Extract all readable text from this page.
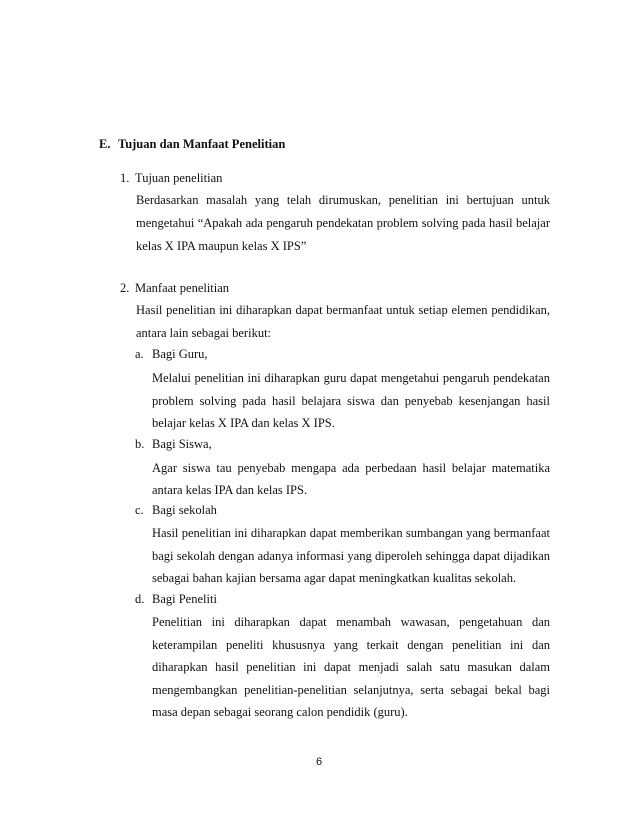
E. Tujuan dan Manfaat Penelitian
1. Tujuan penelitian
Berdasarkan masalah yang telah dirumuskan, penelitian ini bertujuan untuk
mengetahui “Apakah ada pengaruh pendekatan problem solving pada hasil belajar
kelas X IPA maupun kelas X IPS”
2. Manfaat penelitian
Hasil penelitian ini diharapkan dapat bermanfaat untuk setiap elemen pendidikan,
antara lain sebagai berikut:
a. Bagi Guru,
Melalui penelitian ini diharapkan guru dapat mengetahui pengaruh pendekatan
problem solving pada hasil belajara siswa dan penyebab kesenjangan hasil
belajar kelas X IPA dan kelas X IPS.
b. Bagi Siswa,
Agar siswa tau penyebab mengapa ada perbedaan hasil belajar matematika
antara kelas IPA dan kelas IPS.
c. Bagi sekolah
Hasil penelitian ini diharapkan dapat memberikan sumbangan yang bermanfaat
bagi sekolah dengan adanya informasi yang diperoleh sehingga dapat dijadikan
sebagai bahan kajian bersama agar dapat meningkatkan kualitas sekolah.
d. Bagi Peneliti
Penelitian ini diharapkan dapat menambah wawasan, pengetahuan dan
keterampilan peneliti khususnya yang terkait dengan penelitian ini dan
diharapkan hasil penelitian ini dapat menjadi salah satu masukan dalam
mengembangkan penelitian-penelitian selanjutnya, serta sebagai bekal bagi
masa depan sebagai seorang calon pendidik (guru).
6
